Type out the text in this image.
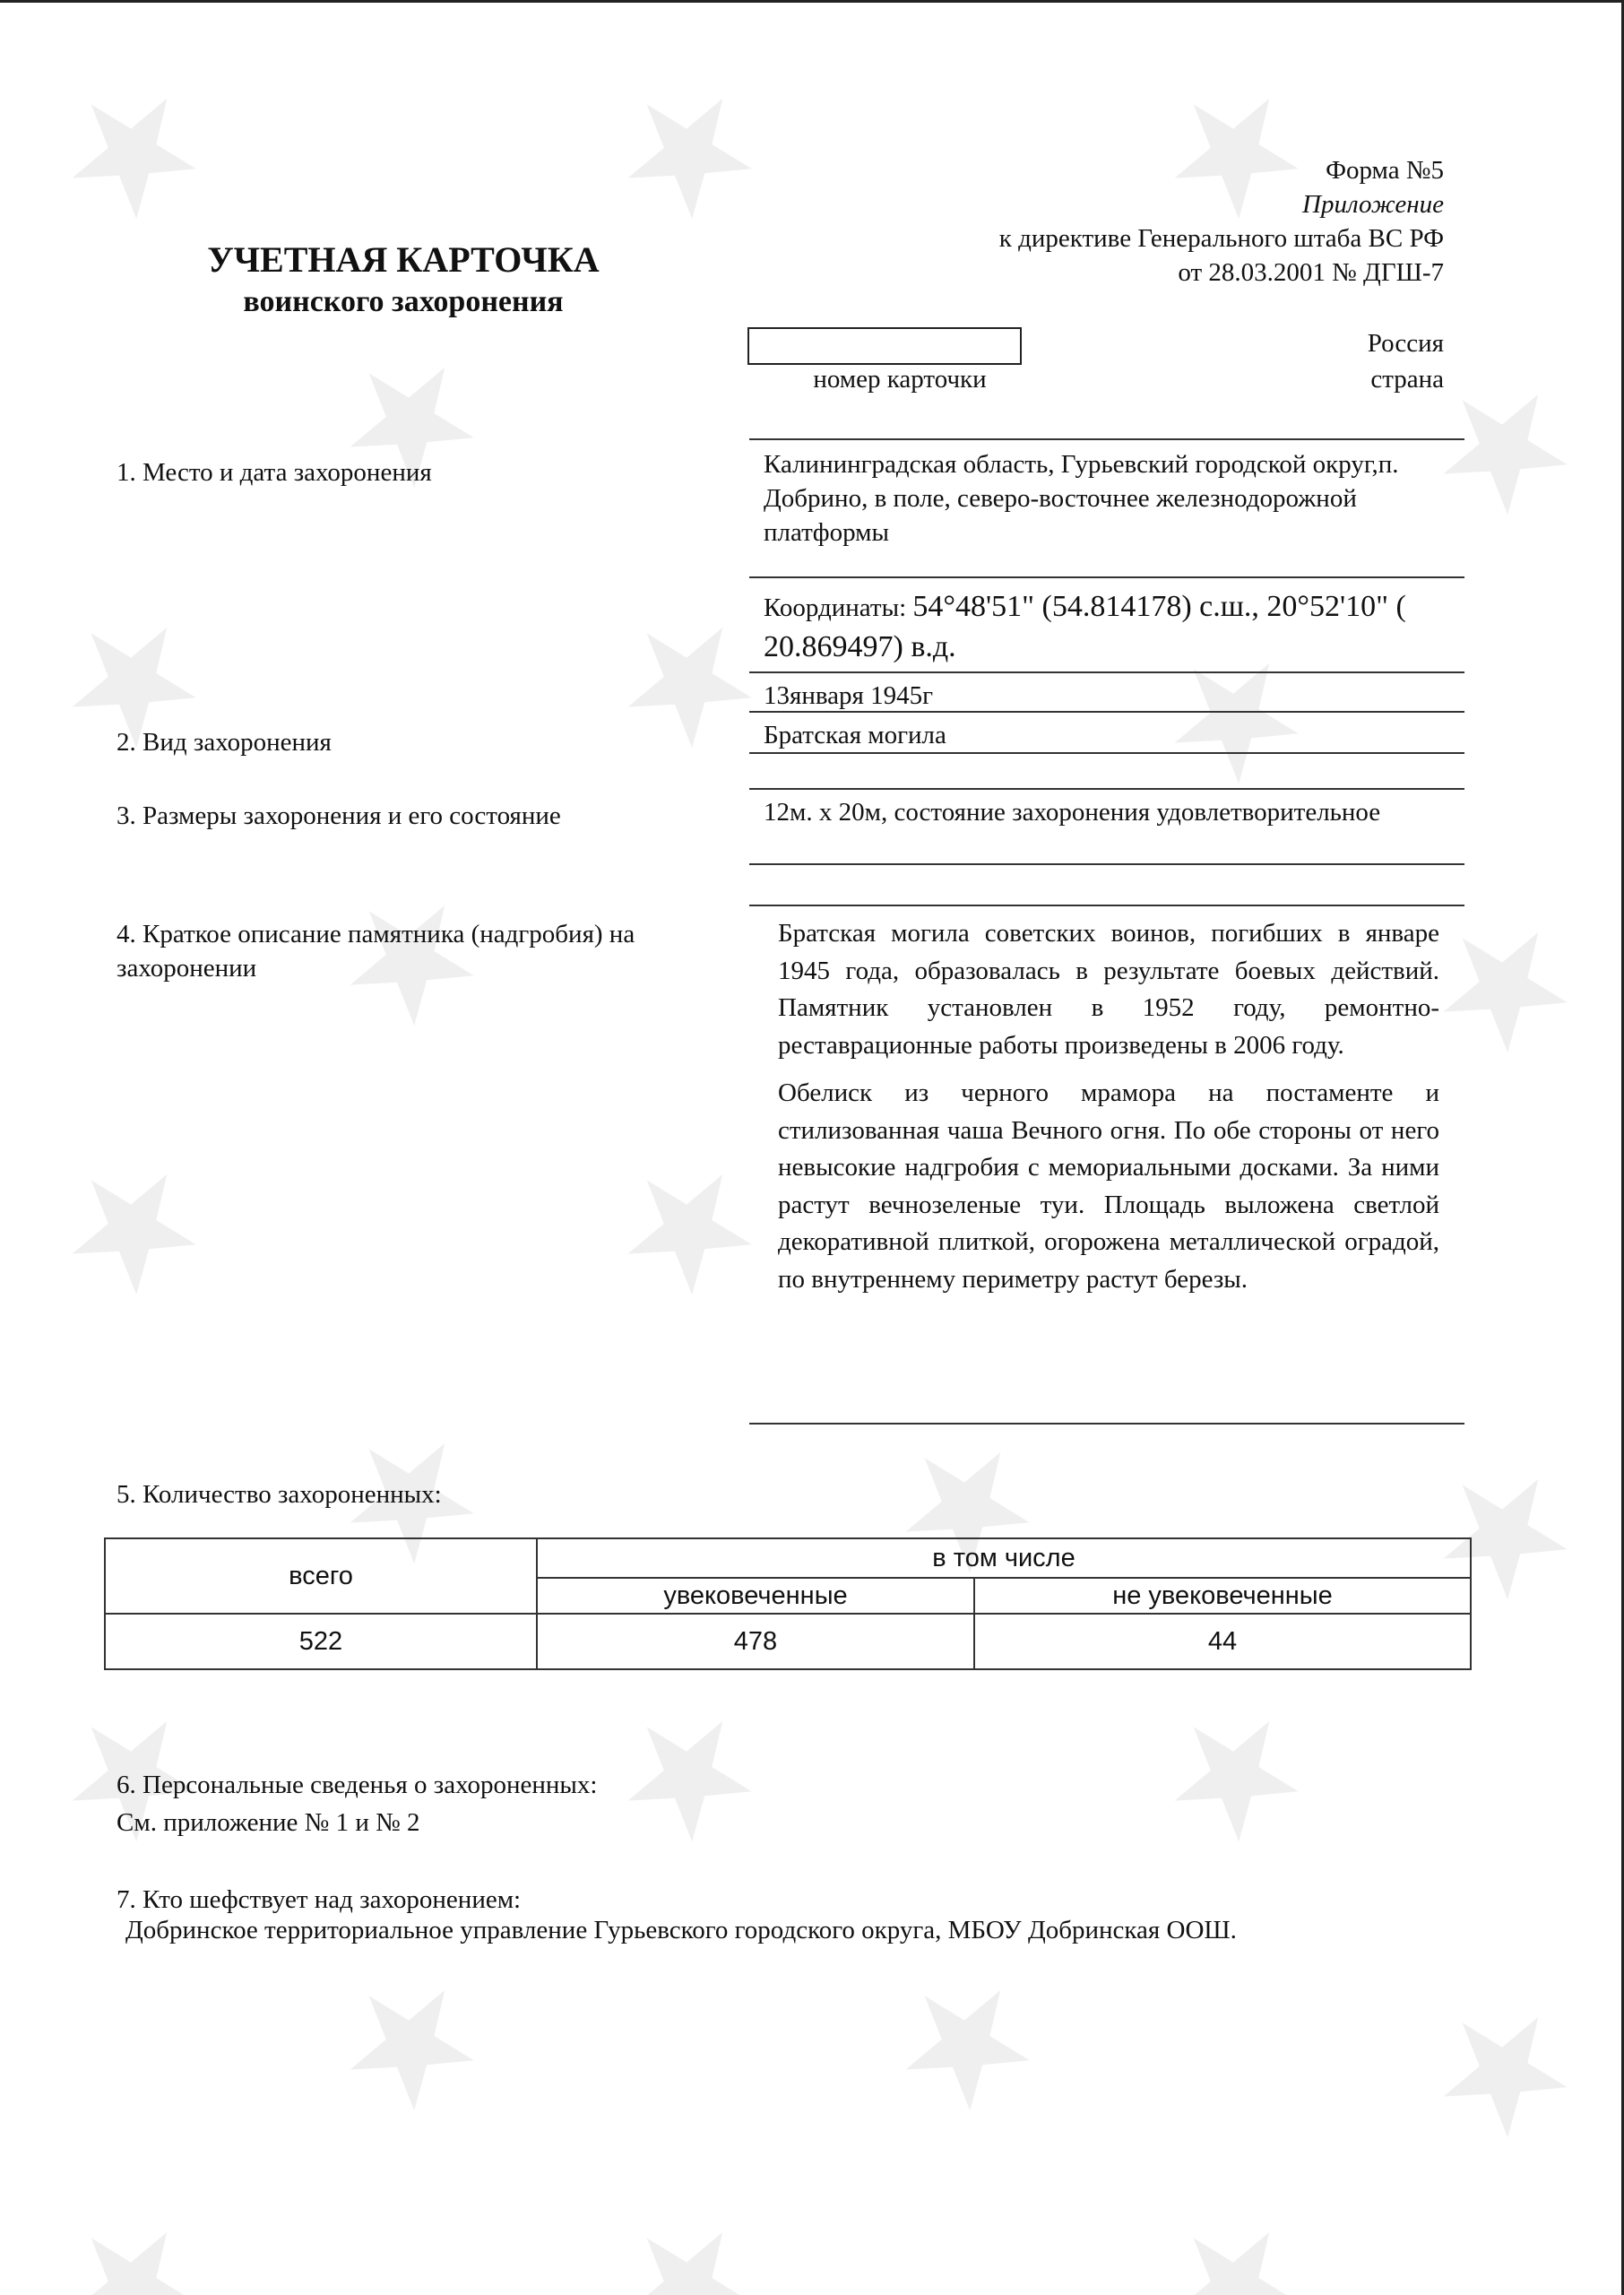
Форма №5
Приложение
к директиве Генерального штаба ВС РФ
от 28.03.2001 № ДГШ-7
УЧЕТНАЯ КАРТОЧКА
воинского захоронения
номер карточки
Россия
страна
1. Место и дата захоронения	Калининградская область, Гурьевский городской округ,п. Добрино, в поле, северо-восточнее железнодорожной платформы
Координаты: 54°48'51" (54.814178) с.ш., 20°52'10" ( 20.869497) в.д.
13января 1945г
2. Вид захоронения	Братская могила
3. Размеры захоронения и его состояние	12м. х 20м, состояние захоронения удовлетворительное
4. Краткое описание памятника (надгробия) на захоронении

Братская могила советских воинов, погибших в январе 1945 года, образовалась в результате боевых действий. Памятник установлен в 1952 году, ремонтно-реставрационные работы произведены в 2006 году.

Обелиск из черного мрамора на постаменте и стилизованная чаша Вечного огня. По обе стороны от него невысокие надгробия с мемориальными досками. За ними растут вечнозеленые туи. Площадь выложена светлой декоративной плиткой, огорожена металлической оградой, по внутреннему периметру растут березы.

5. Количество захороненных:
всего	в том числе	
	увековеченные	не увековеченные
522	478	44
6. Персональные сведенья о захороненных:
См. приложение № 1 и № 2
7. Кто шефствует над захоронением:
Добринское территориальное управление Гурьевского городского округа, МБОУ Добринская ООШ.
